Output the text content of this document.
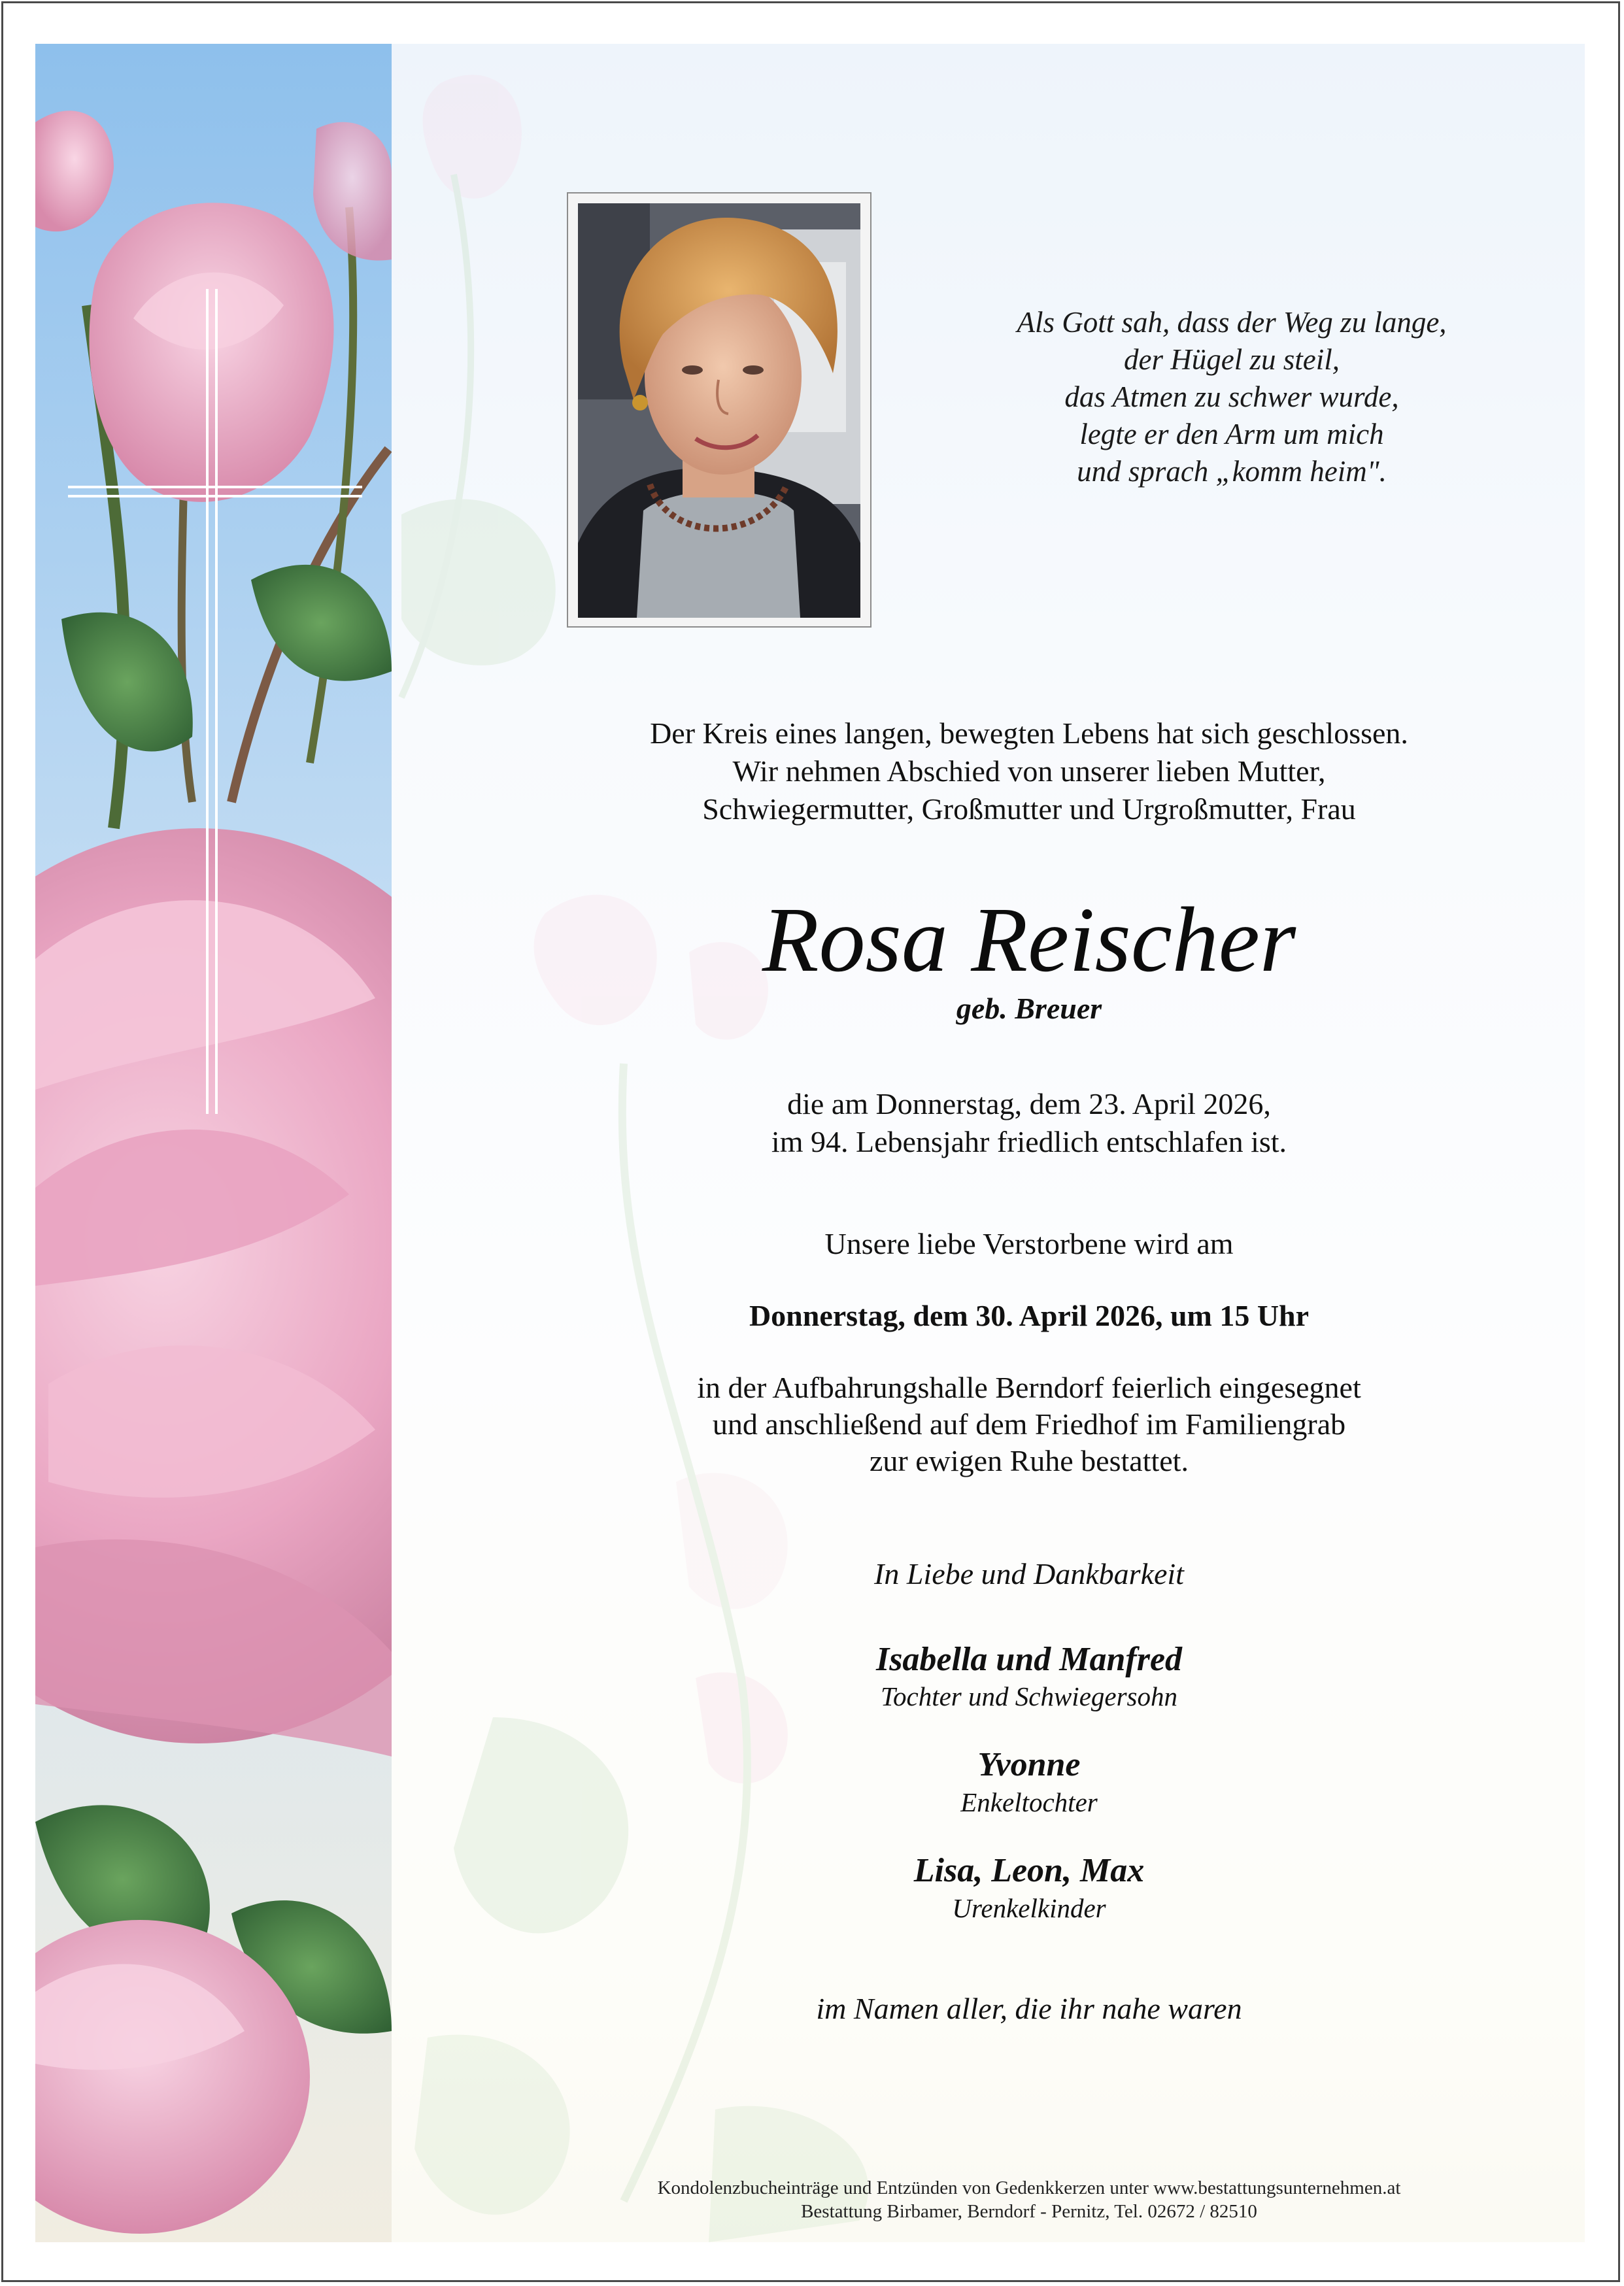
Als Gott sah, dass der Weg zu lange,
der Hügel zu steil,
das Atmen zu schwer wurde,
legte er den Arm um mich
und sprach „komm heim".
Der Kreis eines langen, bewegten Lebens hat sich geschlossen.
Wir nehmen Abschied von unserer lieben Mutter,
Schwiegermutter, Großmutter und Urgroßmutter, Frau
Rosa Reischer
geb. Breuer
die am Donnerstag, dem 23. April 2026,
im 94. Lebensjahr friedlich entschlafen ist.
Unsere liebe Verstorbene wird am
Donnerstag, dem 30. April 2026, um 15 Uhr
in der Aufbahrungshalle Berndorf feierlich eingesegnet
und anschließend auf dem Friedhof im Familiengrab
zur ewigen Ruhe bestattet.
In Liebe und Dankbarkeit
Isabella und Manfred
Tochter und Schwiegersohn
Yvonne
Enkeltochter
Lisa, Leon, Max
Urenkelkinder
im Namen aller, die ihr nahe waren
Kondolenzbucheinträge und Entzünden von Gedenkkerzen unter www.bestattungsunternehmen.at
Bestattung Birbamer, Berndorf - Pernitz, Tel. 02672 / 82510
